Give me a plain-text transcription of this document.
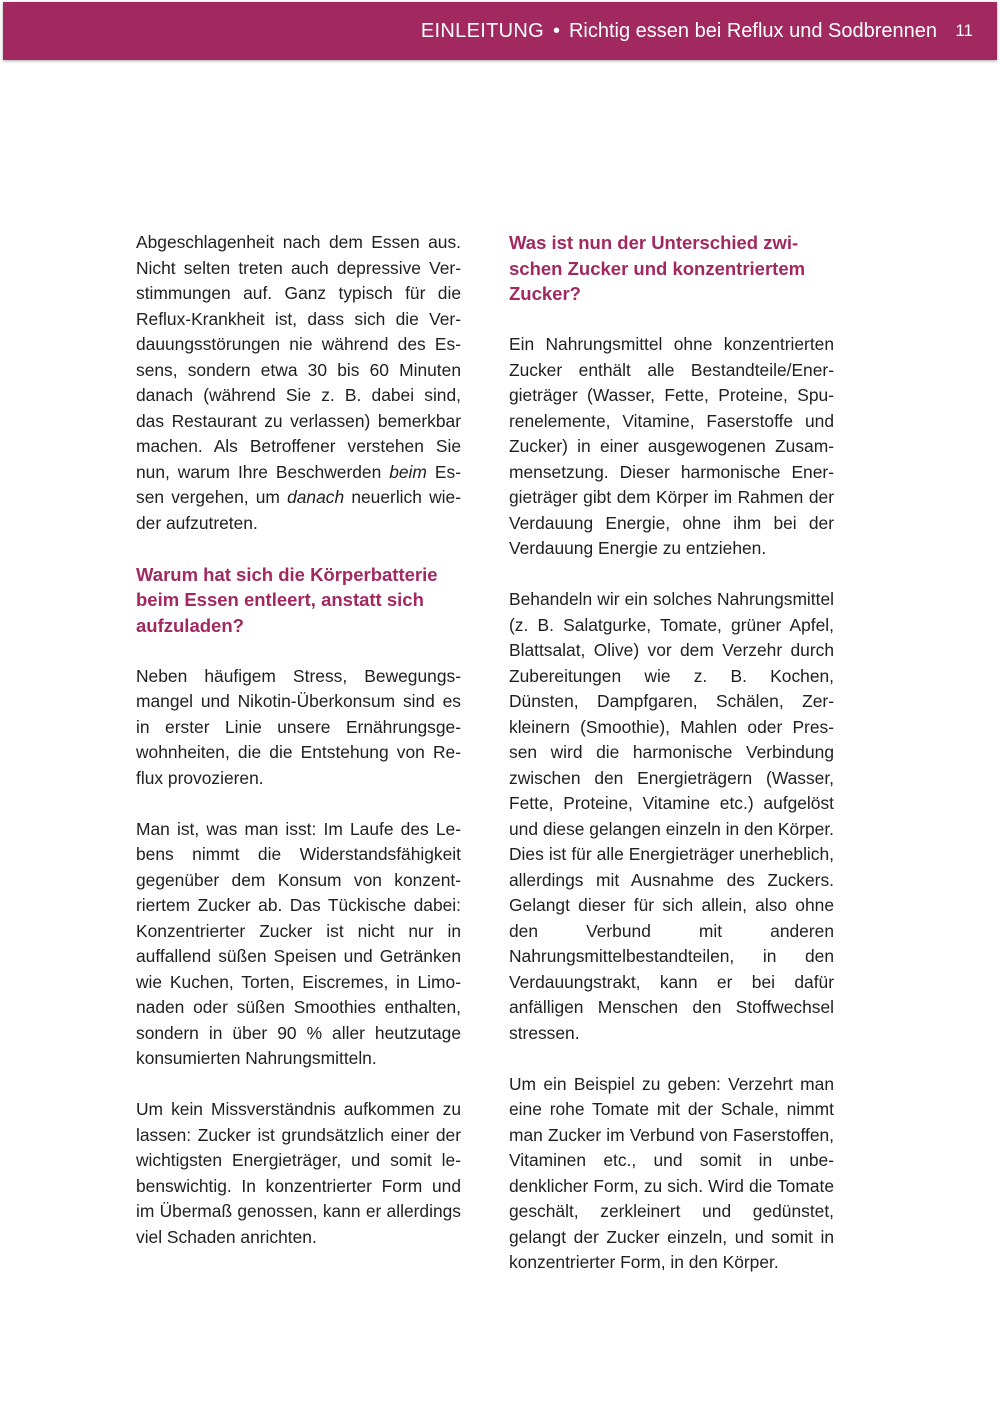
EINLEITUNG • Richtig essen bei Reflux und Sodbrennen 11

Abgeschlagenheit nach dem Essen aus. Nicht selten treten auch depressive Verstimmungen auf. Ganz typisch für die Reflux-Krankheit ist, dass sich die Verdauungsstörungen nie während des Essens, sondern etwa 30 bis 60 Minuten danach (während Sie z. B. dabei sind, das Restaurant zu verlassen) bemerkbar machen. Als Betroffener verstehen Sie nun, warum Ihre Beschwerden beim Essen vergehen, um danach neuerlich wieder aufzutreten.

Warum hat sich die Körperbatterie beim Essen entleert, anstatt sich aufzuladen?

Neben häufigem Stress, Bewegungsmangel und Nikotin-Überkonsum sind es in erster Linie unsere Ernährungsgewohnheiten, die die Entstehung von Reflux provozieren.

Man ist, was man isst: Im Laufe des Lebens nimmt die Widerstandsfähigkeit gegenüber dem Konsum von konzentriertem Zucker ab. Das Tückische dabei: Konzentrierter Zucker ist nicht nur in auffallend süßen Speisen und Getränken wie Kuchen, Torten, Eiscremes, in Limonaden oder süßen Smoothies enthalten, sondern in über 90 % aller heutzutage konsumierten Nahrungsmitteln.

Um kein Missverständnis aufkommen zu lassen: Zucker ist grundsätzlich einer der wichtigsten Energieträger, und somit lebenswichtig. In konzentrierter Form und im Übermaß genossen, kann er allerdings viel Schaden anrichten.

Was ist nun der Unterschied zwischen Zucker und konzentriertem Zucker?

Ein Nahrungsmittel ohne konzentrierten Zucker enthält alle Bestandteile/Energieträger (Wasser, Fette, Proteine, Spurenelemente, Vitamine, Faserstoffe und Zucker) in einer ausgewogenen Zusammensetzung. Dieser harmonische Energieträger gibt dem Körper im Rahmen der Verdauung Energie, ohne ihm bei der Verdauung Energie zu entziehen.

Behandeln wir ein solches Nahrungsmittel (z. B. Salatgurke, Tomate, grüner Apfel, Blattsalat, Olive) vor dem Verzehr durch Zubereitungen wie z. B. Kochen, Dünsten, Dampfgaren, Schälen, Zerkleinern (Smoothie), Mahlen oder Pressen wird die harmonische Verbindung zwischen den Energieträgern (Wasser, Fette, Proteine, Vitamine etc.) aufgelöst und diese gelangen einzeln in den Körper. Dies ist für alle Energieträger unerheblich, allerdings mit Ausnahme des Zuckers. Gelangt dieser für sich allein, also ohne den Verbund mit anderen Nahrungsmittelbestandteilen, in den Verdauungstrakt, kann er bei dafür anfälligen Menschen den Stoffwechsel stressen.

Um ein Beispiel zu geben: Verzehrt man eine rohe Tomate mit der Schale, nimmt man Zucker im Verbund von Faserstoffen, Vitaminen etc., und somit in unbedenklicher Form, zu sich. Wird die Tomate geschält, zerkleinert und gedünstet, gelangt der Zucker einzeln, und somit in konzentrierter Form, in den Körper.
